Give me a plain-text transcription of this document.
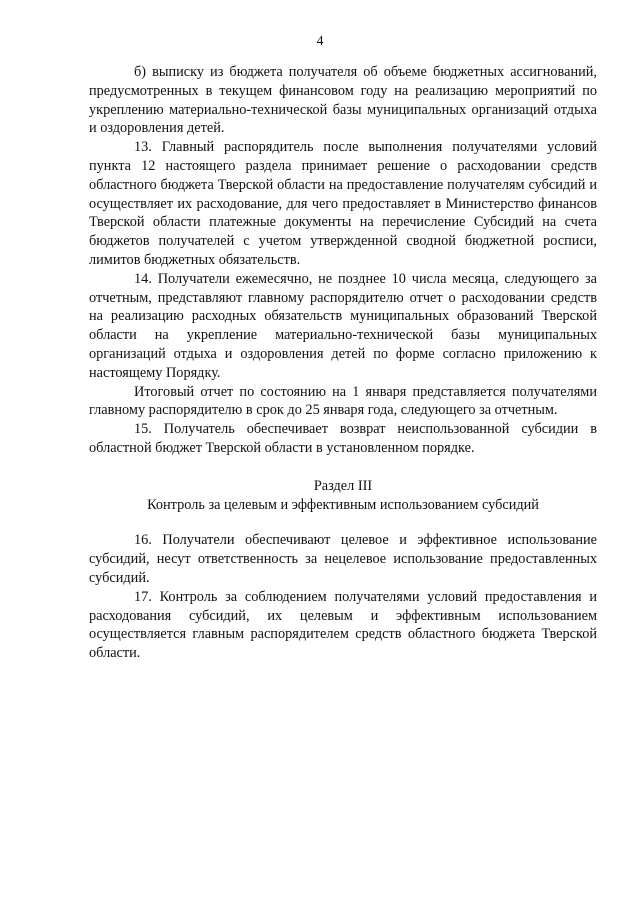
4

б) выписку из бюджета получателя об объеме бюджетных ассигнований, предусмотренных в текущем финансовом году на реализацию мероприятий по укреплению материально-технической базы муниципальных организаций отдыха и оздоровления детей.

13. Главный распорядитель после выполнения получателями условий пункта 12 настоящего раздела принимает решение о расходовании средств областного бюджета Тверской области на предоставление получателям субсидий и осуществляет их расходование, для чего предоставляет в Министерство финансов Тверской области платежные документы на перечисление Субсидий на счета бюджетов получателей с учетом утвержденной сводной бюджетной росписи, лимитов бюджетных обязательств.

14. Получатели ежемесячно, не позднее 10 числа месяца, следующего за отчетным, представляют главному распорядителю отчет о расходовании средств на реализацию расходных обязательств муниципальных образований Тверской области на укрепление материально-технической базы муниципальных организаций отдыха и оздоровления детей по форме согласно приложению к настоящему Порядку.

Итоговый отчет по состоянию на 1 января представляется получателями главному распорядителю в срок до 25 января года, следующего за отчетным.

15. Получатель обеспечивает возврат неиспользованной субсидии в областной бюджет Тверской области в установленном порядке.

Раздел III

Контроль за целевым и эффективным использованием субсидий

16. Получатели обеспечивают целевое и эффективное использование субсидий, несут ответственность за нецелевое использование предоставленных субсидий.

17. Контроль за соблюдением получателями условий предоставления и расходования субсидий, их целевым и эффективным использованием осуществляется главным распорядителем средств областного бюджета Тверской области.
